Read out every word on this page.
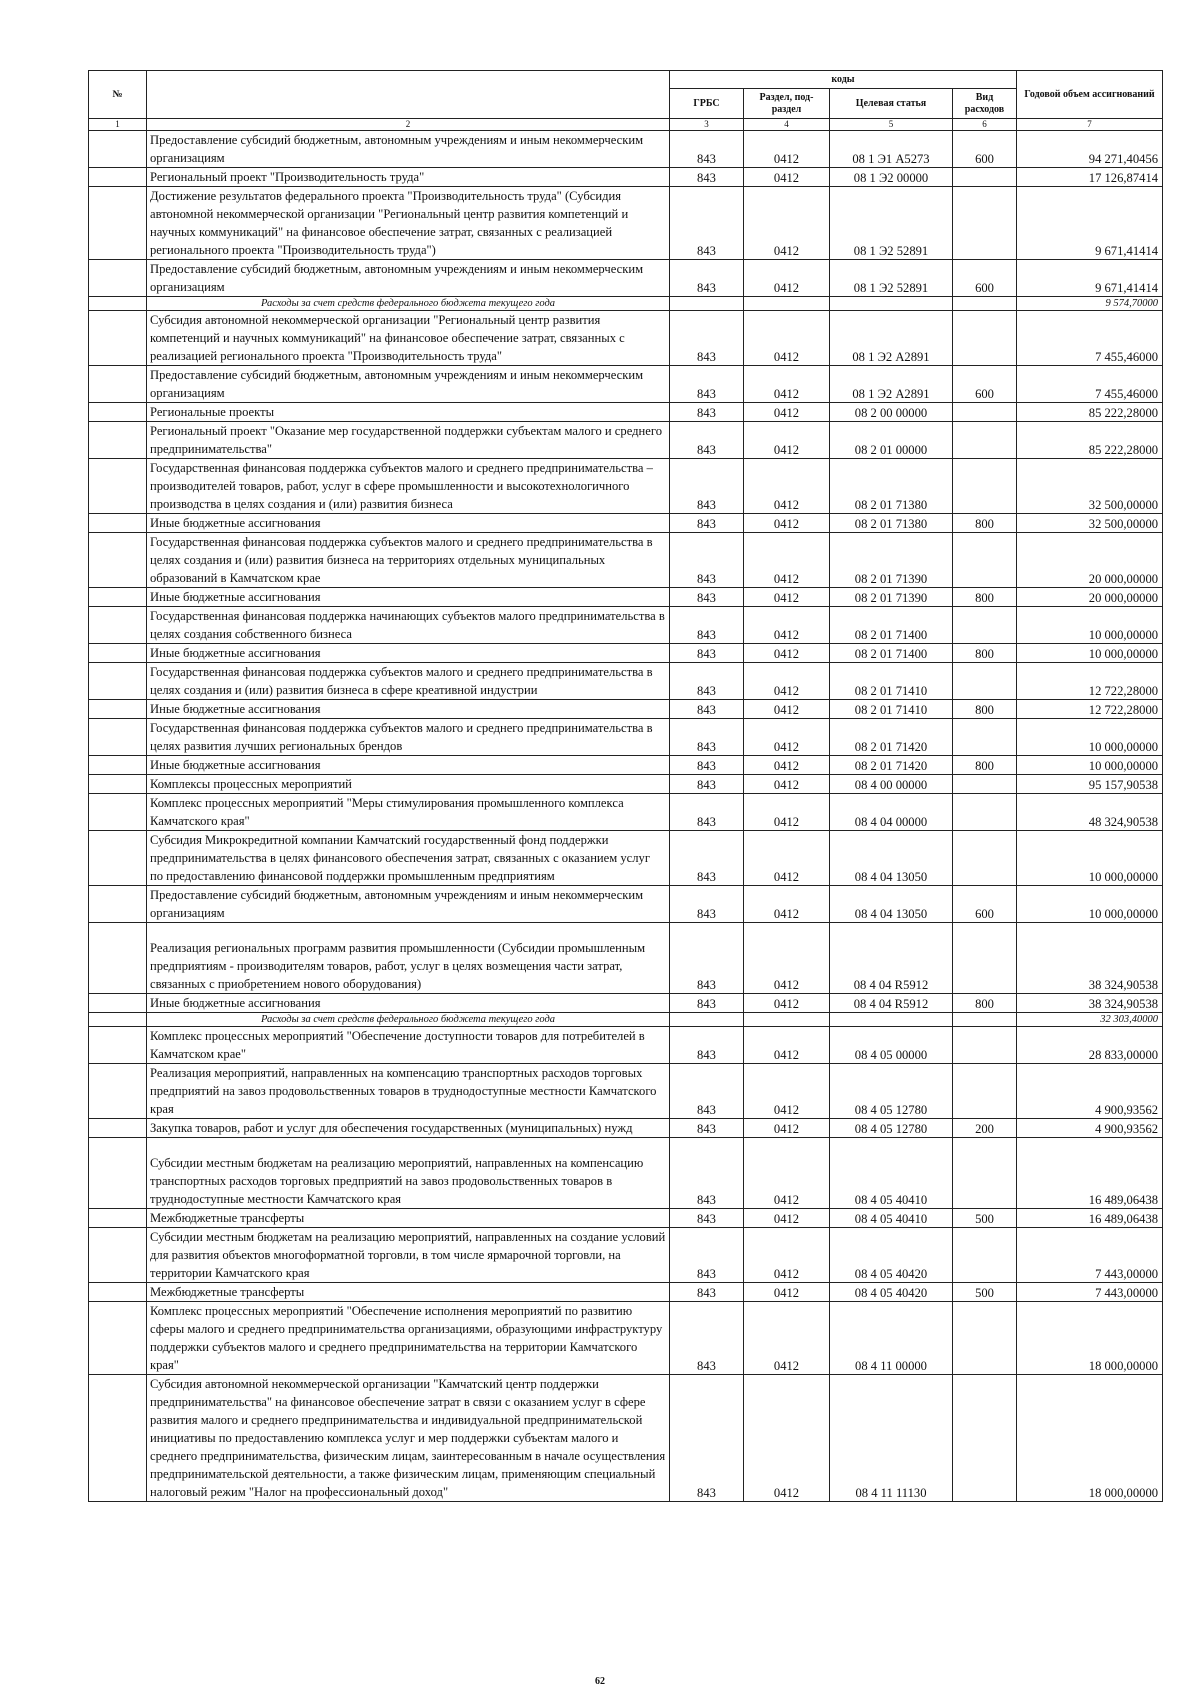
№		коды				Годовой объем ассигнований
		ГРБС	Раздел, под-раздел	Целевая статья	Вид расходов	
1	2	3	4	5	6	7
	Предоставление субсидий бюджетным, автономным учреждениям и иным некоммерческим организациям	843	0412	08 1 Э1 А5273	600	94 271,40456
	Региональный проект "Производительность труда"	843	0412	08 1 Э2 00000		17 126,87414
	Достижение результатов федерального проекта "Производительность труда" (Субсидия автономной некоммерческой организации "Региональный центр развития компетенций и научных коммуникаций" на финансовое обеспечение затрат, связанных с реализацией регионального проекта "Производительность труда")	843	0412	08 1 Э2 52891		9 671,41414
	Предоставление субсидий бюджетным, автономным учреждениям и иным некоммерческим организациям	843	0412	08 1 Э2 52891	600	9 671,41414
	Расходы за счет средств федерального бюджета текущего года					9 574,70000
	Субсидия автономной некоммерческой организации "Региональный центр развития компетенций и научных коммуникаций" на финансовое обеспечение затрат, связанных с реализацией регионального проекта "Производительность труда"	843	0412	08 1 Э2 А2891		7 455,46000
	Предоставление субсидий бюджетным, автономным учреждениям и иным некоммерческим организациям	843	0412	08 1 Э2 А2891	600	7 455,46000
	Региональные проекты	843	0412	08 2 00 00000		85 222,28000
	Региональный проект "Оказание мер государственной поддержки субъектам малого и среднего предпринимательства"	843	0412	08 2 01 00000		85 222,28000
	Государственная финансовая поддержка субъектов малого и среднего предпринимательства – производителей товаров, работ, услуг в сфере промышленности и высокотехнологичного производства в целях создания и (или) развития бизнеса	843	0412	08 2 01 71380		32 500,00000
	Иные бюджетные ассигнования	843	0412	08 2 01 71380	800	32 500,00000
	Государственная финансовая поддержка субъектов малого и среднего предпринимательства в целях создания и (или) развития бизнеса на территориях отдельных муниципальных образований в Камчатском крае	843	0412	08 2 01 71390		20 000,00000
	Иные бюджетные ассигнования	843	0412	08 2 01 71390	800	20 000,00000
	Государственная финансовая поддержка начинающих субъектов малого предпринимательства в целях создания собственного бизнеса	843	0412	08 2 01 71400		10 000,00000
	Иные бюджетные ассигнования	843	0412	08 2 01 71400	800	10 000,00000
	Государственная финансовая поддержка субъектов малого и среднего предпринимательства в целях создания и (или) развития бизнеса в сфере креативной индустрии	843	0412	08 2 01 71410		12 722,28000
	Иные бюджетные ассигнования	843	0412	08 2 01 71410	800	12 722,28000
	Государственная финансовая поддержка субъектов малого и среднего предпринимательства в целях развития лучших региональных брендов	843	0412	08 2 01 71420		10 000,00000
	Иные бюджетные ассигнования	843	0412	08 2 01 71420	800	10 000,00000
	Комплексы процессных мероприятий	843	0412	08 4 00 00000		95 157,90538
	Комплекс процессных мероприятий "Меры стимулирования промышленного комплекса Камчатского края"	843	0412	08 4 04 00000		48 324,90538
	Субсидия Микрокредитной компании Камчатский государственный фонд поддержки предпринимательства в целях финансового обеспечения затрат, связанных с оказанием услуг по предоставлению финансовой поддержки промышленным предприятиям	843	0412	08 4 04 13050		10 000,00000
	Предоставление субсидий бюджетным, автономным учреждениям и иным некоммерческим организациям	843	0412	08 4 04 13050	600	10 000,00000
	Реализация региональных программ развития промышленности (Субсидии промышленным предприятиям - производителям товаров, работ, услуг в целях возмещения части затрат, связанных с приобретением нового оборудования)	843	0412	08 4 04 R5912		38 324,90538
	Иные бюджетные ассигнования	843	0412	08 4 04 R5912	800	38 324,90538
	Расходы за счет средств федерального бюджета текущего года					32 303,40000
	Комплекс процессных мероприятий "Обеспечение доступности товаров для потребителей в Камчатском крае"	843	0412	08 4 05 00000		28 833,00000
	Реализация мероприятий, направленных на компенсацию транспортных расходов торговых предприятий на завоз продовольственных товаров в труднодоступные местности Камчатского края	843	0412	08 4 05 12780		4 900,93562
	Закупка товаров, работ и услуг для обеспечения государственных (муниципальных) нужд	843	0412	08 4 05 12780	200	4 900,93562
	Субсидии местным бюджетам на реализацию мероприятий, направленных на компенсацию транспортных расходов торговых предприятий на завоз продовольственных товаров в труднодоступные местности Камчатского края	843	0412	08 4 05 40410		16 489,06438
	Межбюджетные трансферты	843	0412	08 4 05 40410	500	16 489,06438
	Субсидии местным бюджетам на реализацию мероприятий, направленных на создание условий для развития объектов многоформатной торговли, в том числе ярмарочной торговли, на территории Камчатского края	843	0412	08 4 05 40420		7 443,00000
	Межбюджетные трансферты	843	0412	08 4 05 40420	500	7 443,00000
	Комплекс процессных мероприятий "Обеспечение исполнения мероприятий по развитию сферы малого и среднего предпринимательства организациями, образующими инфраструктуру поддержки субъектов малого и среднего предпринимательства на территории Камчатского края"	843	0412	08 4 11 00000		18 000,00000
	Субсидия автономной некоммерческой организации "Камчатский центр поддержки предпринимательства" на финансовое обеспечение затрат в связи с оказанием услуг в сфере развития малого и среднего предпринимательства и индивидуальной предпринимательской инициативы по предоставлению комплекса услуг и мер поддержки субъектам малого и среднего предпринимательства, физическим лицам, заинтересованным в начале осуществления предпринимательской деятельности, а также физическим лицам, применяющим специальный налоговый режим "Налог на профессиональный доход"	843	0412	08 4 11 11130		18 000,00000
62
